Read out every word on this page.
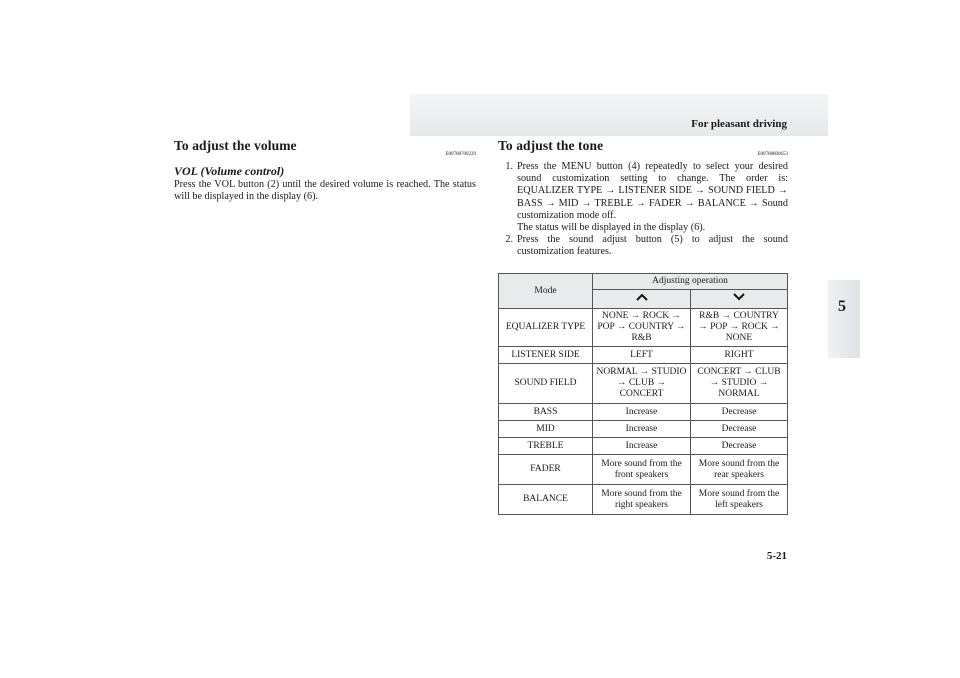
For pleasant driving
5
To adjust the volume
E00708700229
VOL (Volume control)

Press the VOL button (2) until the desired volume is reached. The status will be displayed in the display (6).

To adjust the tone
E00708800653
1. Press the MENU button (4) repeatedly to select your desired sound customization setting to change. The order is: EQUALIZER TYPE → LISTENER SIDE → SOUND FIELD → BASS → MID → TREBLE → FADER → BALANCE → Sound customization mode off.
The status will be displayed in the display (6).
2. Press the sound adjust button (5) to adjust the sound customization features.
Mode	Adjusting operation	

EQUALIZER TYPE	NONE → ROCK → POP → COUNTRY → R&B	R&B → COUNTRY → POP → ROCK → NONE
LISTENER SIDE	LEFT	RIGHT
SOUND FIELD	NORMAL → STUDIO → CLUB → CONCERT	CONCERT → CLUB → STUDIO → NORMAL
BASS	Increase	Decrease
MID	Increase	Decrease
TREBLE	Increase	Decrease
FADER	More sound from the front speakers	More sound from the rear speakers
BALANCE	More sound from the right speakers	More sound from the left speakers
5-21
